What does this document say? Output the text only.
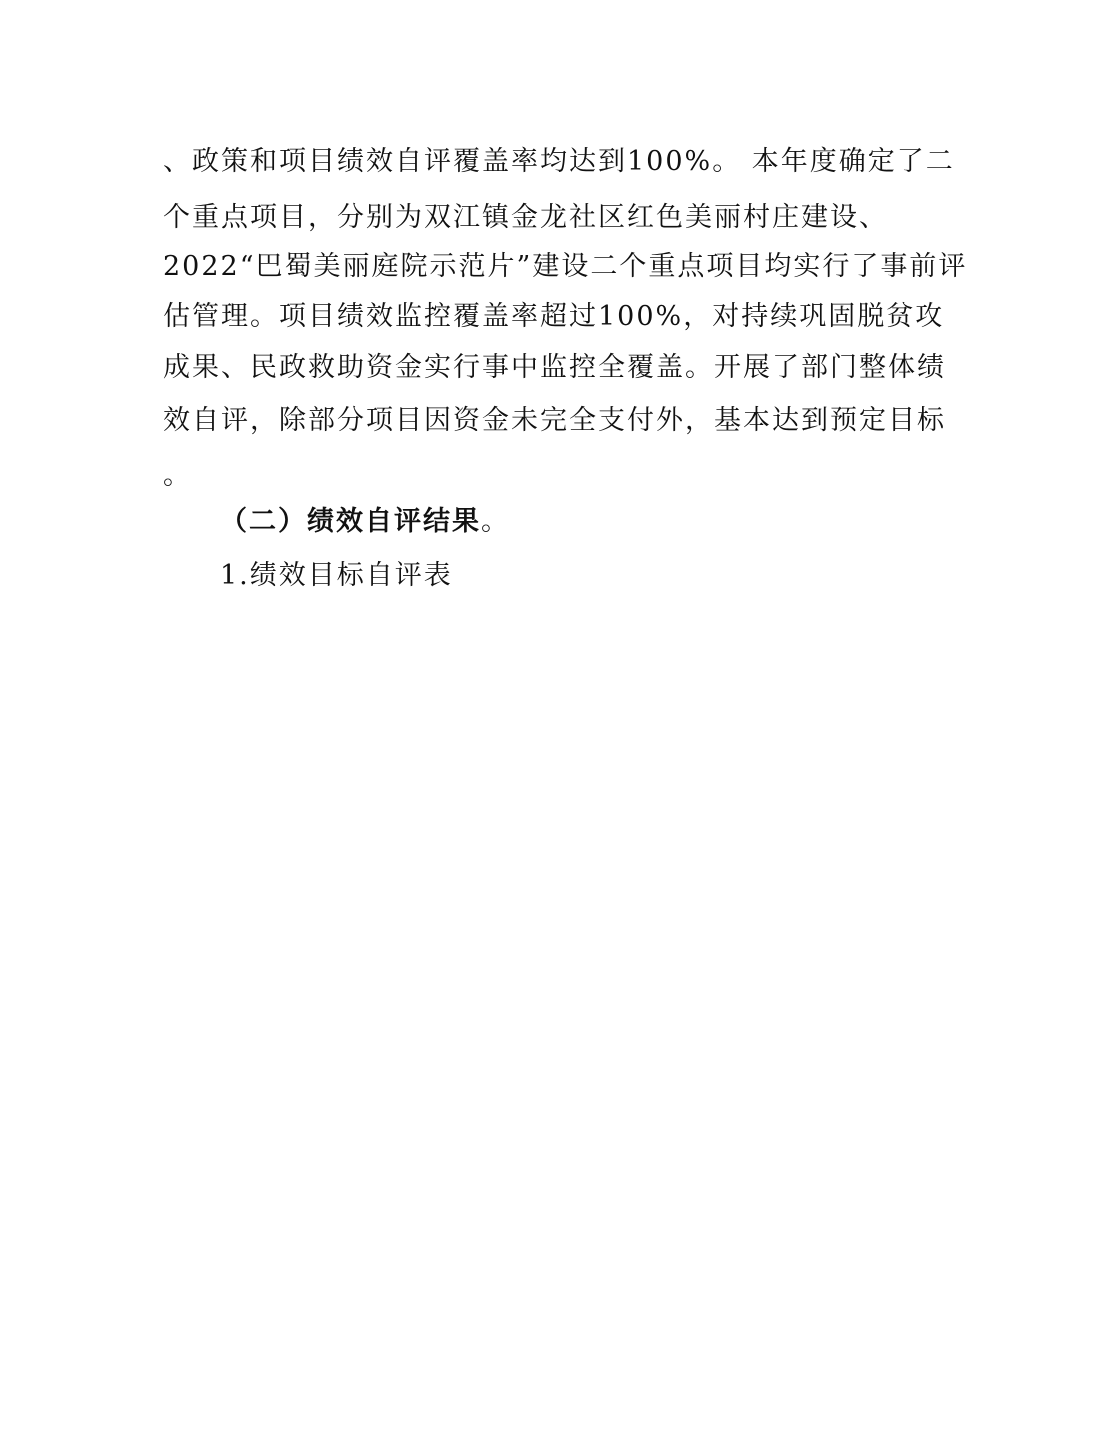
、政策和项目绩效自评覆盖率均达到100%。 本年度确定了二
个重点项目，分别为双江镇金龙社区红色美丽村庄建设、
2022“巴蜀美丽庭院示范片”建设二个重点项目均实行了事前评
估管理。项目绩效监控覆盖率超过100%，对持续巩固脱贫攻
成果、民政救助资金实行事中监控全覆盖。开展了部门整体绩
效自评，除部分项目因资金未完全支付外，基本达到预定目标
。
（二）绩效自评结果。
1.绩效目标自评表
